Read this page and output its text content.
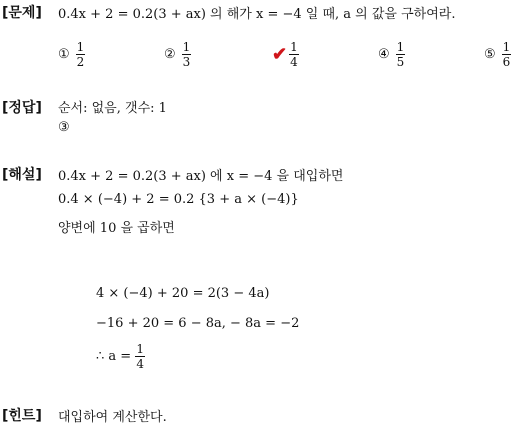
[문제] 0.4x + 2 = 0.2(3 + ax) 의 해가 x = −4 일 때, a 의 값을 구하여라.
① $\frac{1}{2}$	② $\frac{1}{3}$	✔ $\frac{1}{4}$	④ $\frac{1}{5}$	⑤ $\frac{1}{6}$
[정답] 순서: 없음, 갯수: 1
③
[해설] 0.4x + 2 = 0.2(3 + ax) 에 x = −4 을 대입하면
0.4 × (−4) + 2 = 0.2 {3 + a × (−4)}
양변에 10 을 곱하면
4 × (−4) + 20 = 2(3 − 4a)
−16 + 20 = 6 − 8a, − 8a = −2
∴ $a = \frac{1}{4}$
[힌트] 대입하여 계산한다.
